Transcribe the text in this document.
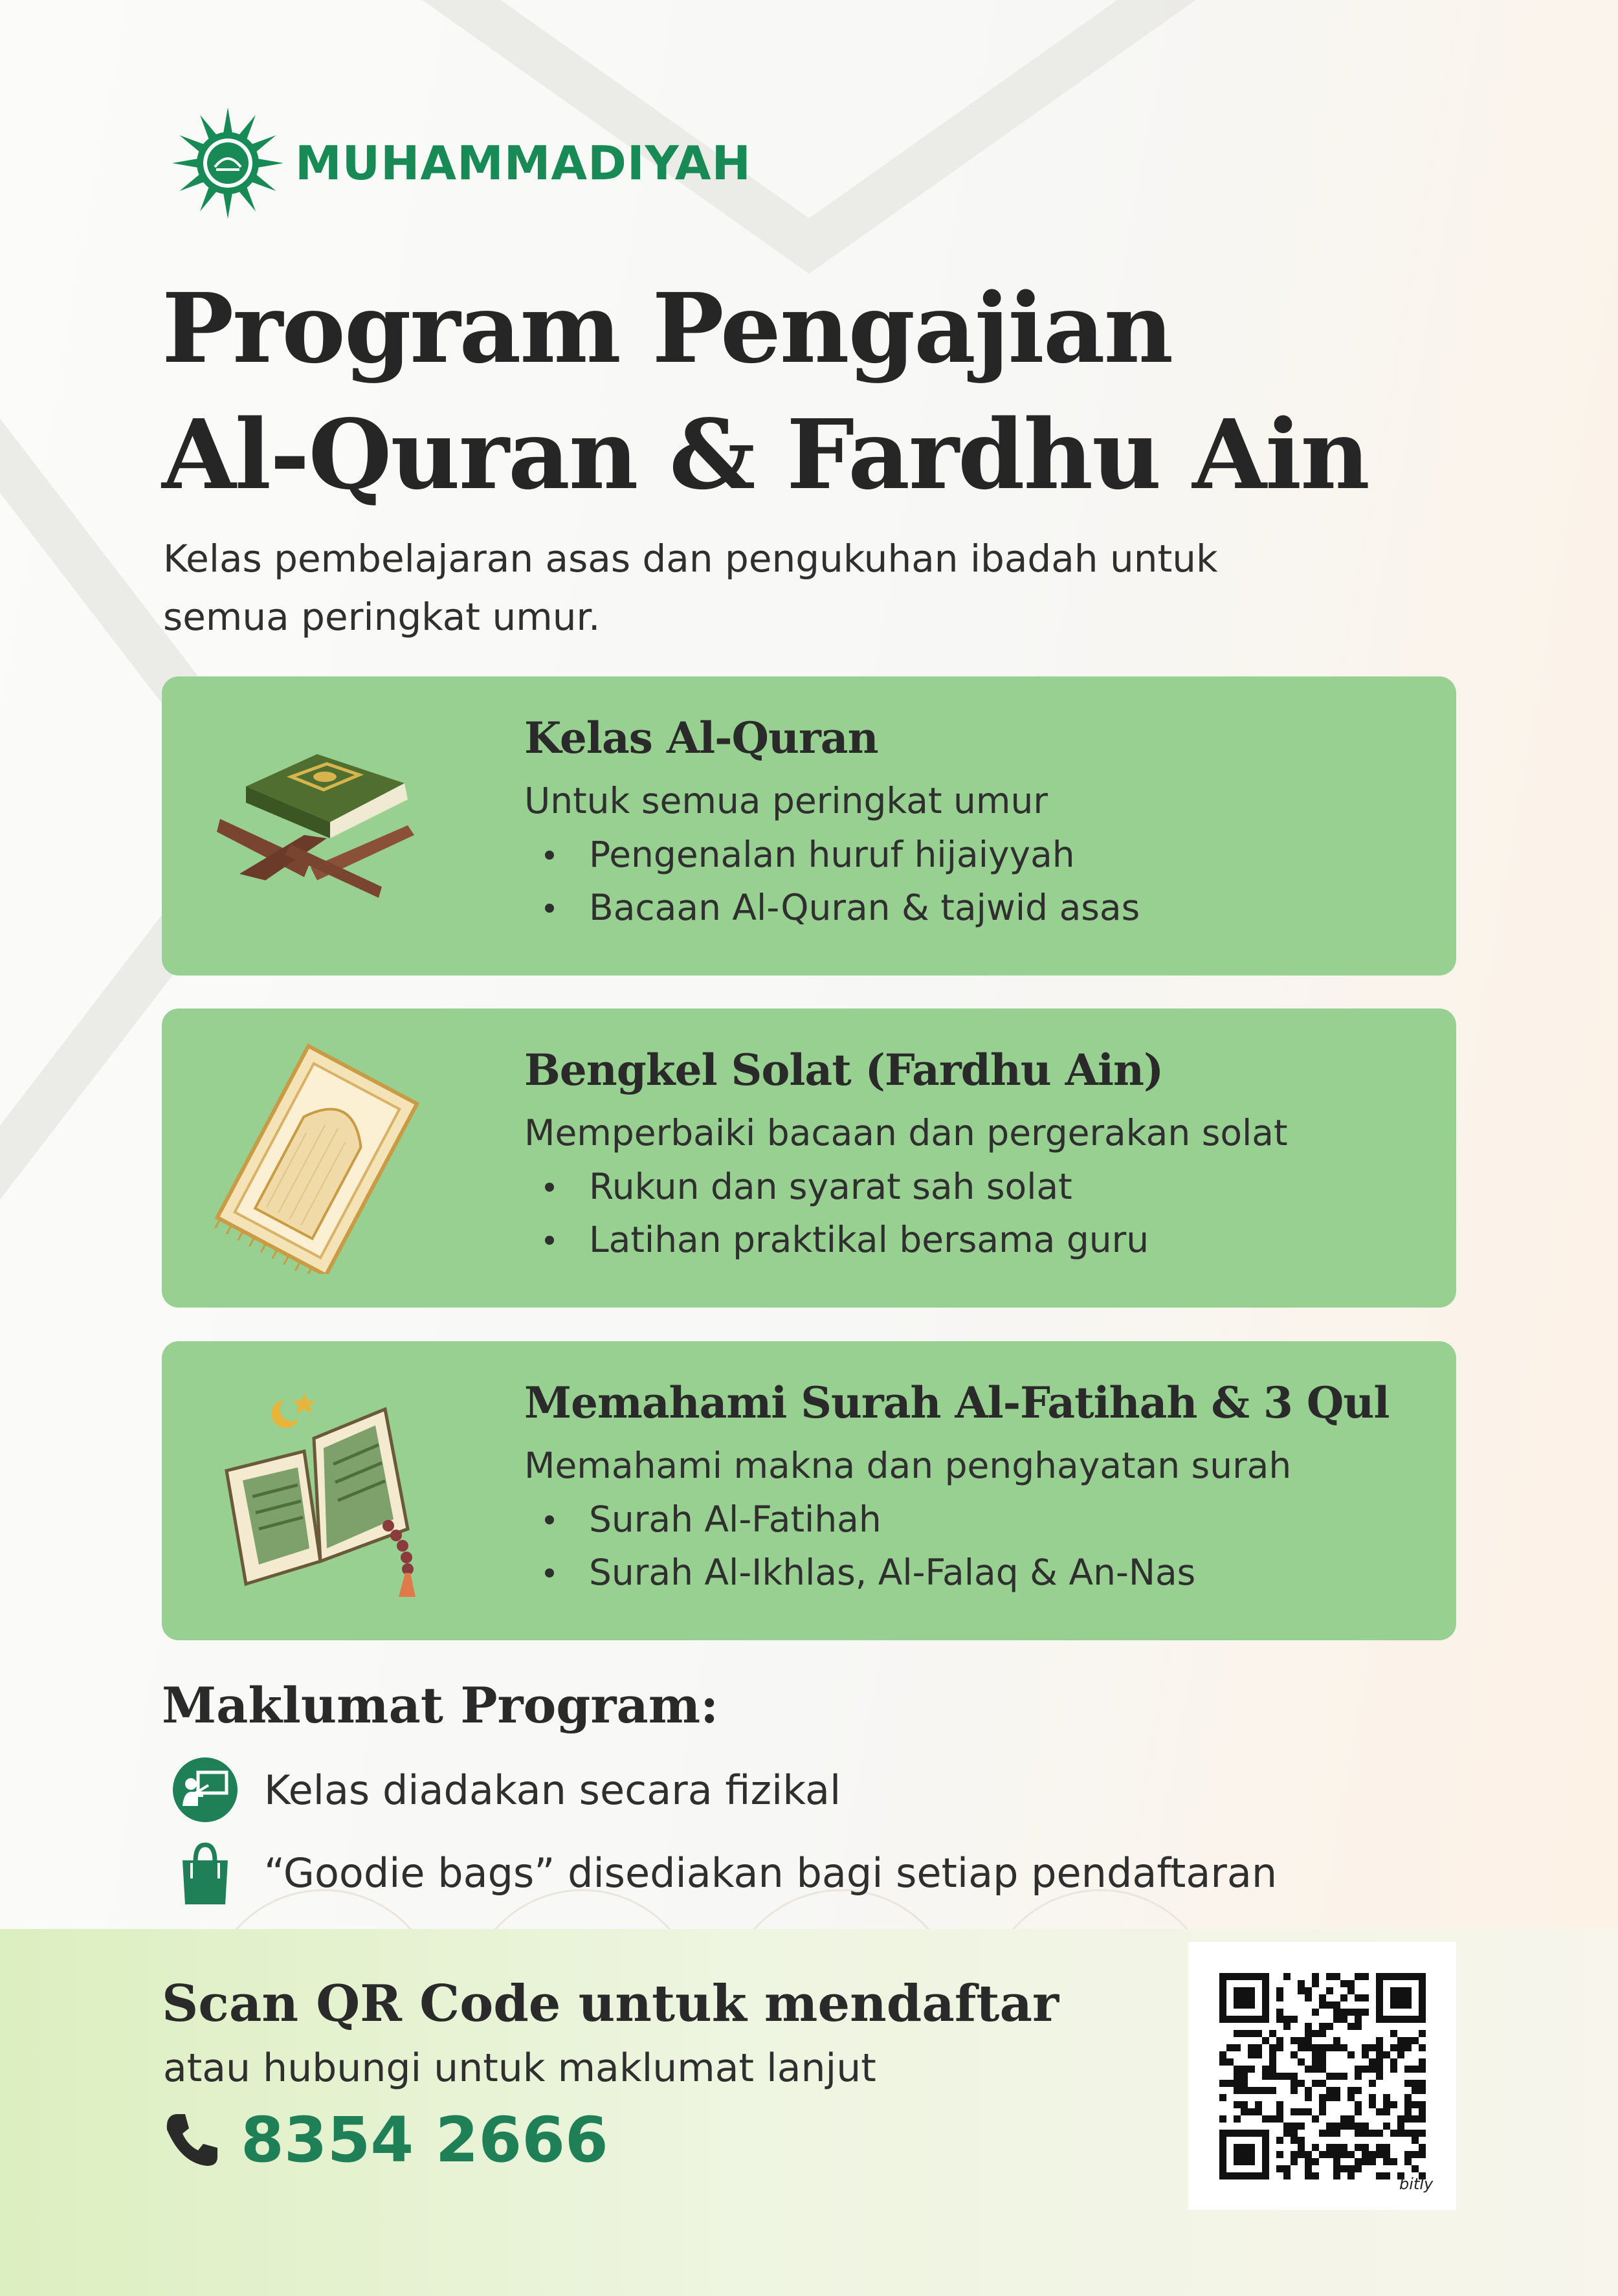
MUHAMMADIYAH
Program Pengajian
Al-Quran & Fardhu Ain
Kelas pembelajaran asas dan pengukuhan ibadah untuk
semua peringkat umur.
Kelas Al-Quran
Untuk semua peringkat umur
Pengenalan huruf hijaiyyah
Bacaan Al-Quran & tajwid asas
Bengkel Solat (Fardhu Ain)
Memperbaiki bacaan dan pergerakan solat
Rukun dan syarat sah solat
Latihan praktikal bersama guru
Memahami Surah Al-Fatihah & 3 Qul
Memahami makna dan penghayatan surah
Surah Al-Fatihah
Surah Al-Ikhlas, Al-Falaq & An-Nas
Maklumat Program:
Kelas diadakan secara fizikal
“Goodie bags” disediakan bagi setiap pendaftaran
Scan QR Code untuk mendaftar
atau hubungi untuk maklumat lanjut
8354 2666
bitly
